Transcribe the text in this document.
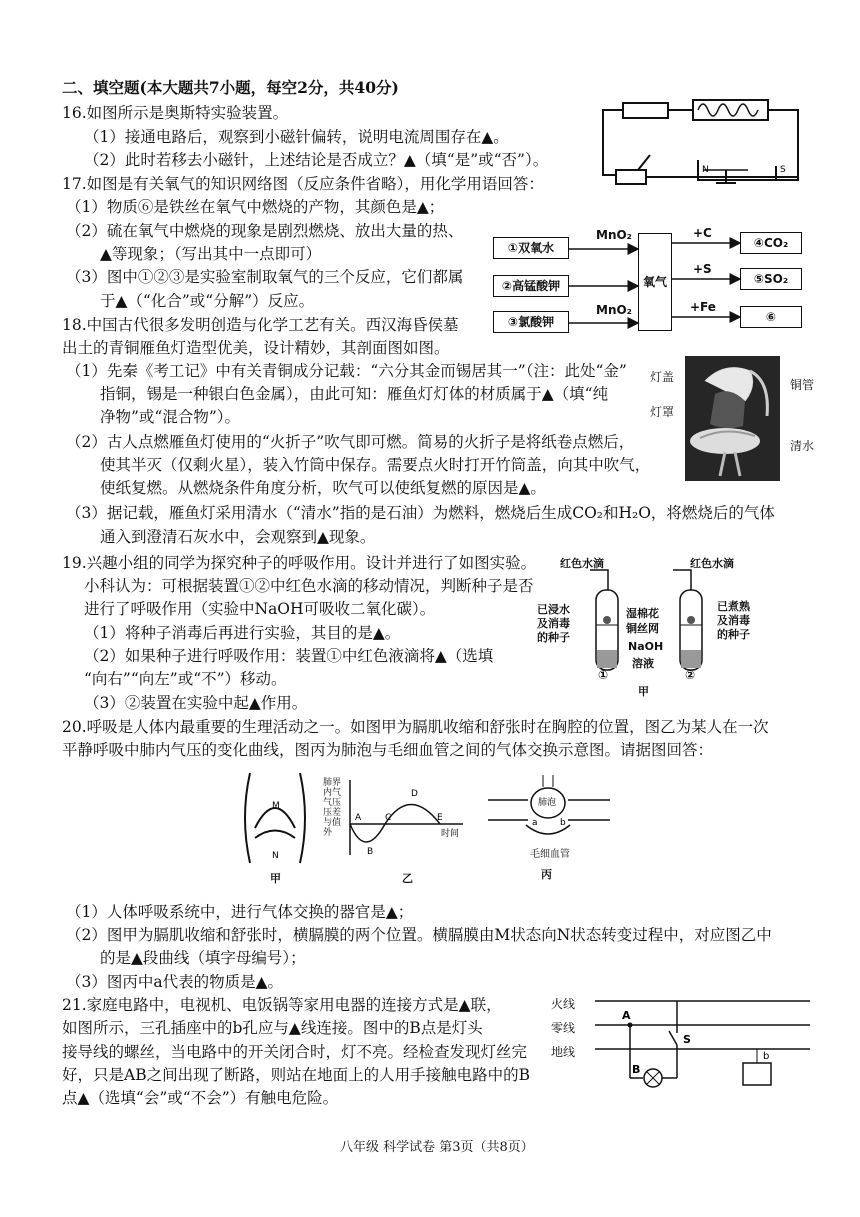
二、填空题(本大题共7小题，每空2分，共40分)
16.如图所示是奥斯特实验装置。
（1）接通电路后，观察到小磁针偏转，说明电流周围存在▲。
（2）此时若移去小磁针，上述结论是否成立？▲（填“是”或“否”）。
N	S
17.如图是有关氧气的知识网络图（反应条件省略），用化学用语回答：
（1）物质⑥是铁丝在氧气中燃烧的产物，其颜色是▲；
（2）硫在氧气中燃烧的现象是剧烈燃烧、放出大量的热、
▲等现象；（写出其中一点即可）
（3）图中①②③是实验室制取氧气的三个反应，它们都属
于▲（“化合”或“分解”）反应。
①双氧水
②高锰酸钾
③氯酸钾
氧气
④CO₂
⑤SO₂
⑥
MnO₂
MnO₂
+C
+S
+Fe
18.中国古代很多发明创造与化学工艺有关。西汉海昏侯墓
出土的青铜雁鱼灯造型优美，设计精妙，其剖面图如图。
（1）先秦《考工记》中有关青铜成分记载：“六分其金而锡居其一”（注：此处“金”
指铜，锡是一种银白色金属），由此可知：雁鱼灯灯体的材质属于▲（填“纯
净物”或“混合物”）。
（2）古人点燃雁鱼灯使用的“火折子”吹气即可燃。简易的火折子是将纸卷点燃后，
使其半灭（仅剩火星），装入竹筒中保存。需要点火时打开竹筒盖，向其中吹气，
使纸复燃。从燃烧条件角度分析，吹气可以使纸复燃的原因是▲。
（3）据记载，雁鱼灯采用清水（“清水”指的是石油）为燃料，燃烧后生成CO₂和H₂O，将燃烧后的气体
通入到澄清石灰水中，会观察到▲现象。
灯盖
灯罩
铜管
清水
19.兴趣小组的同学为探究种子的呼吸作用。设计并进行了如图实验。
小科认为：可根据装置①②中红色水滴的移动情况，判断种子是否
进行了呼吸作用（实验中NaOH可吸收二氧化碳）。
（1）将种子消毒后再进行实验，其目的是▲。
（2）如果种子进行呼吸作用：装置①中红色液滴将▲（选填
“向右”“向左”或“不”）移动。
（3）②装置在实验中起▲作用。
红色水滴	红色水滴
已浸水
及消毒
的种子
湿棉花
铜丝网
NaOH
溶液
已煮熟
及消毒
的种子
①	②
甲
20.呼吸是人体内最重要的生理活动之一。如图甲为膈肌收缩和舒张时在胸腔的位置，图乙为某人在一次
平静呼吸中肺内气压的变化曲线，图丙为肺泡与毛细血管之间的气体交换示意图。请据图回答：
M
N
甲
A
B
C
D
E
时间
肺界
内气
气压
压差
与值
外
乙
肺泡
a b
毛细血管
丙
（1）人体呼吸系统中，进行气体交换的器官是▲；
（2）图甲为膈肌收缩和舒张时，横膈膜的两个位置。横膈膜由M状态向N状态转变过程中，对应图乙中
的是▲段曲线（填字母编号）；
（3）图丙中a代表的物质是▲。
21.家庭电路中，电视机、电饭锅等家用电器的连接方式是▲联，
如图所示，三孔插座中的b孔应与▲线连接。图中的B点是灯头
接导线的螺丝，当电路中的开关闭合时，灯不亮。经检查发现灯丝完
好，只是AB之间出现了断路，则站在地面上的人用手接触电路中的B
点▲（选填“会”或“不会”）有触电危险。
A
B
S
b
火线
零线
地线
八年级 科学试卷 第3页（共8页）
